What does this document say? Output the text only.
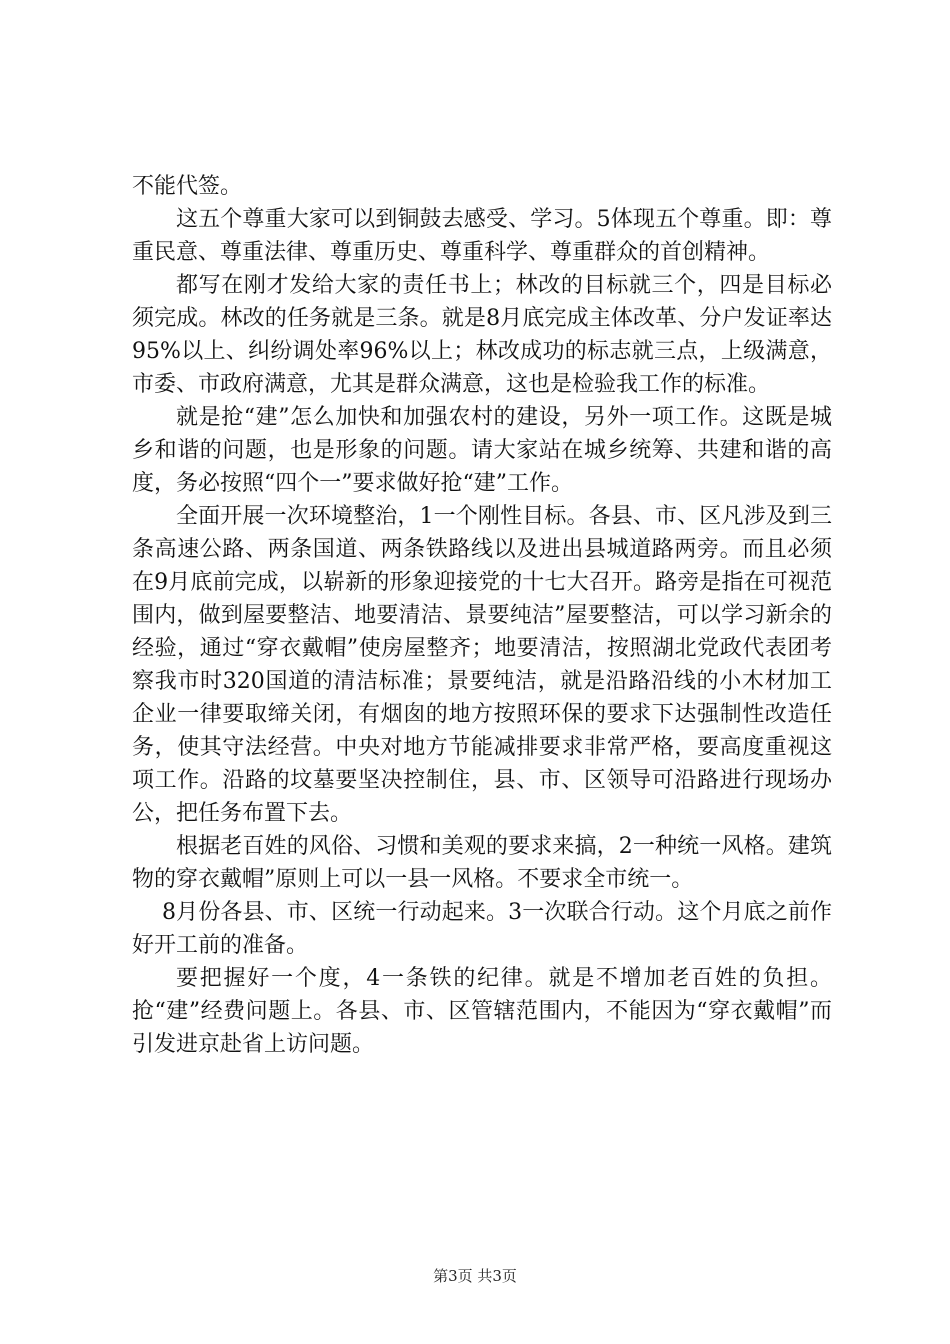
不能代签。

这五个尊重大家可以到铜鼓去感受、学习。5体现五个尊重。即：尊重民意、尊重法律、尊重历史、尊重科学、尊重群众的首创精神。

都写在刚才发给大家的责任书上；林改的目标就三个，四是目标必须完成。林改的任务就是三条。就是8月底完成主体改革、分户发证率达95%以上、纠纷调处率96%以上；林改成功的标志就三点，上级满意，市委、市政府满意，尤其是群众满意，这也是检验我工作的标准。

就是抢“建”怎么加快和加强农村的建设，另外一项工作。这既是城乡和谐的问题，也是形象的问题。请大家站在城乡统筹、共建和谐的高度，务必按照“四个一”要求做好抢“建”工作。

全面开展一次环境整治，1一个刚性目标。各县、市、区凡涉及到三条高速公路、两条国道、两条铁路线以及进出县城道路两旁。而且必须在9月底前完成，以崭新的形象迎接党的十七大召开。路旁是指在可视范围内，做到屋要整洁、地要清洁、景要纯洁”屋要整洁，可以学习新余的经验，通过“穿衣戴帽”使房屋整齐；地要清洁，按照湖北党政代表团考察我市时320国道的清洁标准；景要纯洁，就是沿路沿线的小木材加工企业一律要取缔关闭，有烟囱的地方按照环保的要求下达强制性改造任务，使其守法经营。中央对地方节能减排要求非常严格，要高度重视这项工作。沿路的坟墓要坚决控制住，县、市、区领导可沿路进行现场办公，把任务布置下去。

根据老百姓的风俗、习惯和美观的要求来搞，2一种统一风格。建筑物的穿衣戴帽”原则上可以一县一风格。不要求全市统一。

8月份各县、市、区统一行动起来。3一次联合行动。这个月底之前作好开工前的准备。

要把握好一个度，4一条铁的纪律。就是不增加老百姓的负担。抢“建”经费问题上。各县、市、区管辖范围内，不能因为“穿衣戴帽”而引发进京赴省上访问题。

第3页 共3页
